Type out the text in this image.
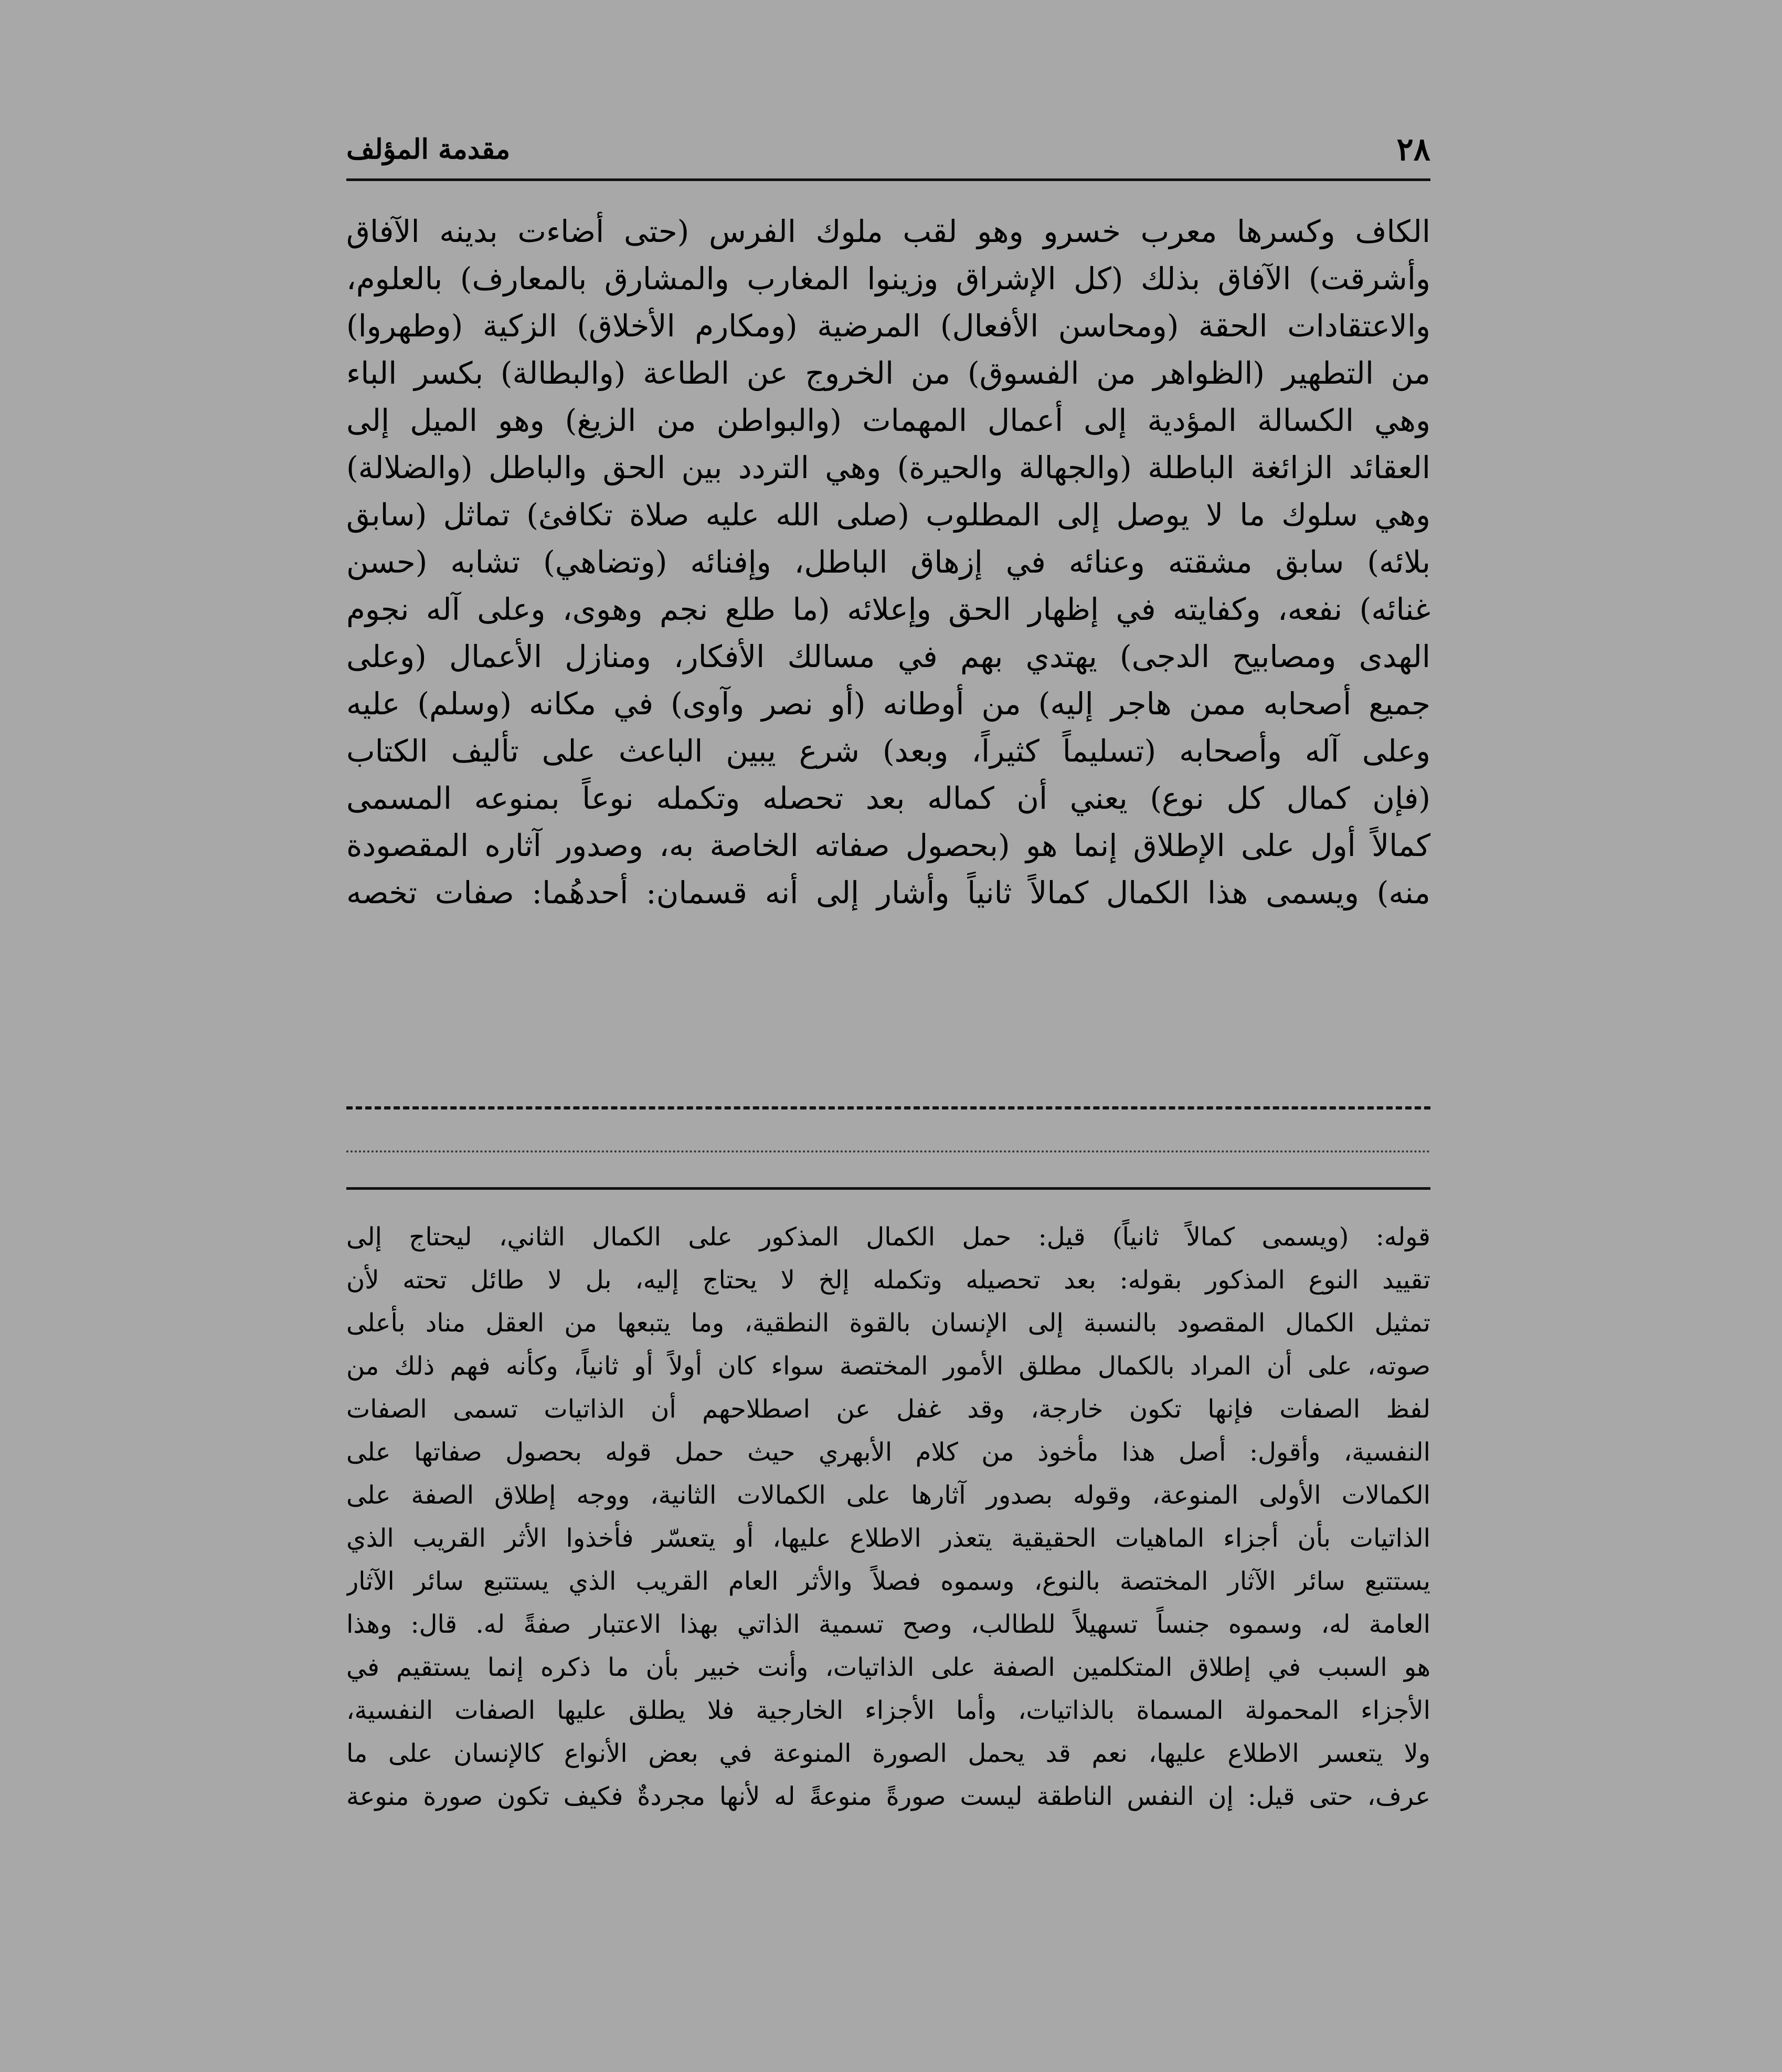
٢٨
مقدمة المؤلف
الكاف وكسرها معرب خسرو وهو لقب ملوك الفرس (حتى أضاءت بدينه الآفاق
وأشرقت) الآفاق بذلك (كل الإشراق وزينوا المغارب والمشارق بالمعارف) بالعلوم،
والاعتقادات الحقة (ومحاسن الأفعال) المرضية (ومكارم الأخلاق) الزكية (وطهروا)
من التطهير (الظواهر من الفسوق) من الخروج عن الطاعة (والبطالة) بكسر الباء
وهي الكسالة المؤدية إلى أعمال المهمات (والبواطن من الزيغ) وهو الميل إلى
العقائد الزائغة الباطلة (والجهالة والحيرة) وهي التردد بين الحق والباطل (والضلالة)
وهي سلوك ما لا يوصل إلى المطلوب (صلى الله عليه صلاة تكافئ) تماثل (سابق
بلائه) سابق مشقته وعنائه في إزهاق الباطل، وإفنائه (وتضاهي) تشابه (حسن
غنائه) نفعه، وكفايته في إظهار الحق وإعلائه (ما طلع نجم وهوى، وعلى آله نجوم
الهدى ومصابيح الدجى) يهتدي بهم في مسالك الأفكار، ومنازل الأعمال (وعلى
جميع أصحابه ممن هاجر إليه) من أوطانه (أو نصر وآوى) في مكانه (وسلم) عليه
وعلى آله وأصحابه (تسليماً كثيراً، وبعد) شرع يبين الباعث على تأليف الكتاب
(فإن كمال كل نوع) يعني أن كماله بعد تحصله وتكمله نوعاً بمنوعه المسمى
كمالاً أول على الإطلاق إنما هو (بحصول صفاته الخاصة به، وصدور آثاره المقصودة
منه) ويسمى هذا الكمال كمالاً ثانياً وأشار إلى أنه قسمان: أحدهُما: صفات تخصه
قوله: (ويسمى كمالاً ثانياً) قيل: حمل الكمال المذكور على الكمال الثاني، ليحتاج إلى
تقييد النوع المذكور بقوله: بعد تحصيله وتكمله إلخ لا يحتاج إليه، بل لا طائل تحته لأن
تمثيل الكمال المقصود بالنسبة إلى الإنسان بالقوة النطقية، وما يتبعها من العقل مناد بأعلى
صوته، على أن المراد بالكمال مطلق الأمور المختصة سواء كان أولاً أو ثانياً، وكأنه فهم ذلك من
لفظ الصفات فإنها تكون خارجة، وقد غفل عن اصطلاحهم أن الذاتيات تسمى الصفات
النفسية، وأقول: أصل هذا مأخوذ من كلام الأبهري حيث حمل قوله بحصول صفاتها على
الكمالات الأولى المنوعة، وقوله بصدور آثارها على الكمالات الثانية، ووجه إطلاق الصفة على
الذاتيات بأن أجزاء الماهيات الحقيقية يتعذر الاطلاع عليها، أو يتعسّر فأخذوا الأثر القريب الذي
يستتبع سائر الآثار المختصة بالنوع، وسموه فصلاً والأثر العام القريب الذي يستتبع سائر الآثار
العامة له، وسموه جنساً تسهيلاً للطالب، وصح تسمية الذاتي بهذا الاعتبار صفةً له. قال: وهذا
هو السبب في إطلاق المتكلمين الصفة على الذاتيات، وأنت خبير بأن ما ذكره إنما يستقيم في
الأجزاء المحمولة المسماة بالذاتيات، وأما الأجزاء الخارجية فلا يطلق عليها الصفات النفسية،
ولا يتعسر الاطلاع عليها، نعم قد يحمل الصورة المنوعة في بعض الأنواع كالإنسان على ما
عرف، حتى قيل: إن النفس الناطقة ليست صورةً منوعةً له لأنها مجردةٌ فكيف تكون صورة منوعة
